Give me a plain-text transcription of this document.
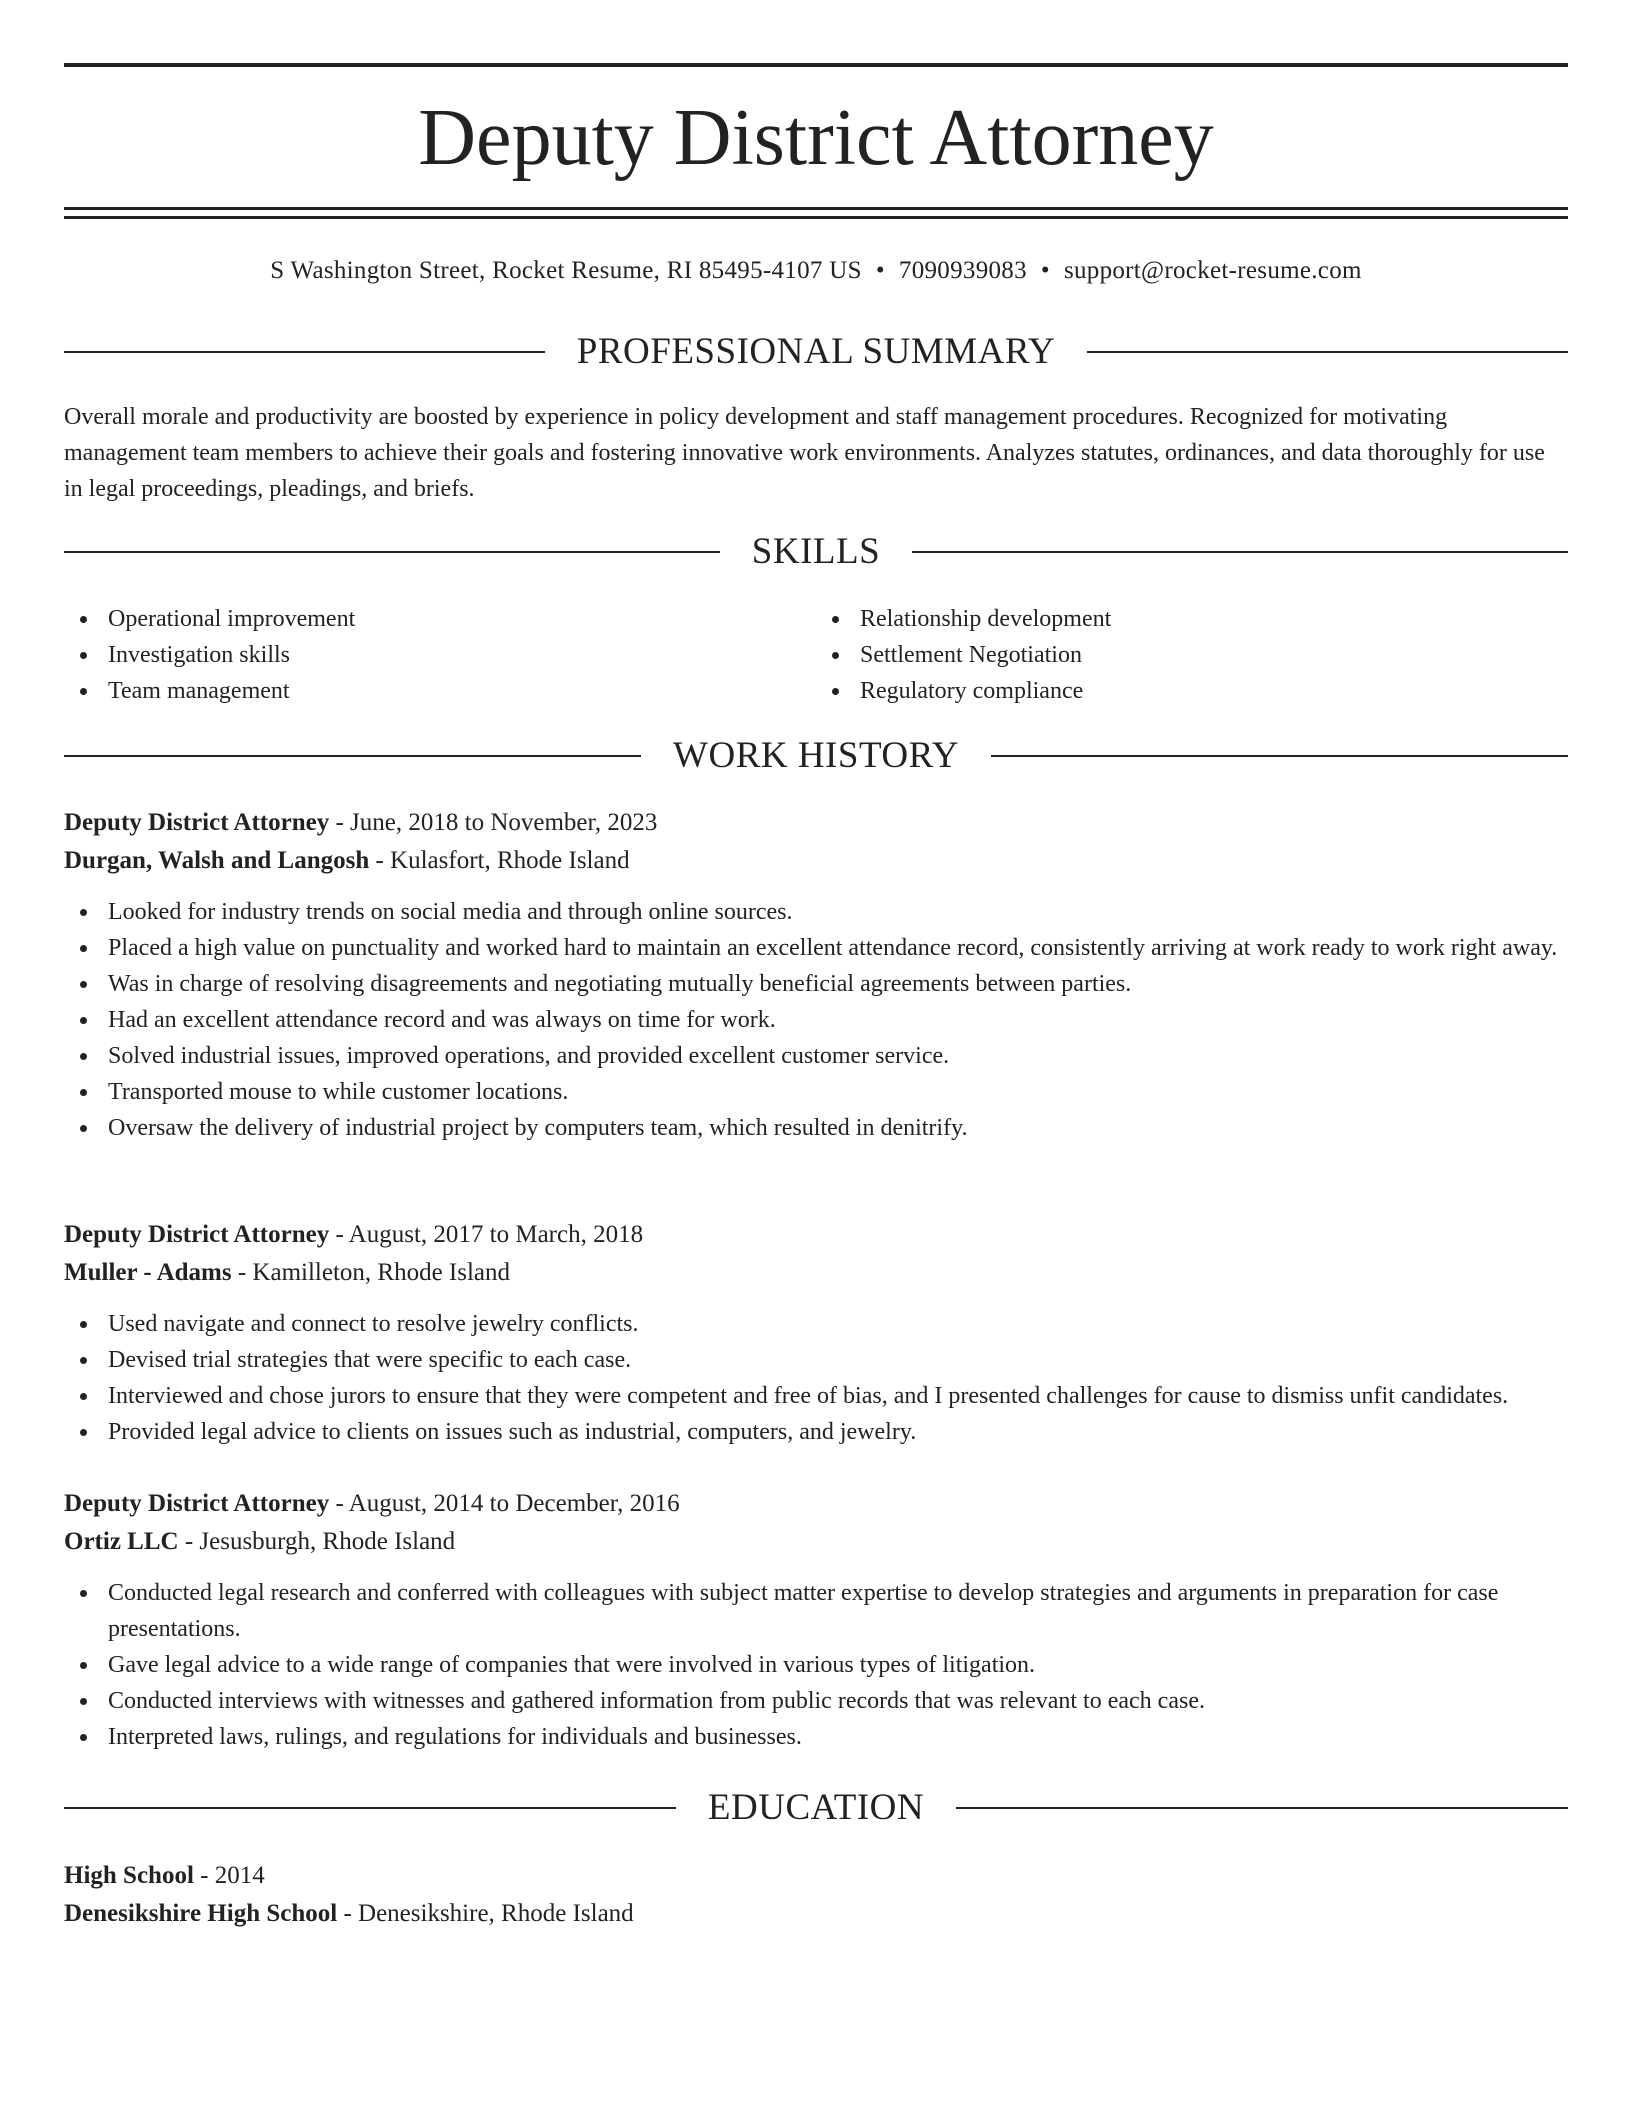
Deputy District Attorney
S Washington Street, Rocket Resume, RI 85495-4107 US • 7090939083 • support@rocket-resume.com
PROFESSIONAL SUMMARY

Overall morale and productivity are boosted by experience in policy development and staff management procedures. Recognized for motivating management team members to achieve their goals and fostering innovative work environments. Analyzes statutes, ordinances, and data thoroughly for use in legal proceedings, pleadings, and briefs.

SKILLS
Operational improvement
Investigation skills
Team management
Relationship development
Settlement Negotiation
Regulatory compliance
WORK HISTORY
Deputy District Attorney - June, 2018 to November, 2023
Durgan, Walsh and Langosh - Kulasfort, Rhode Island
Looked for industry trends on social media and through online sources.
Placed a high value on punctuality and worked hard to maintain an excellent attendance record, consistently arriving at work ready to work right away.
Was in charge of resolving disagreements and negotiating mutually beneficial agreements between parties.
Had an excellent attendance record and was always on time for work.
Solved industrial issues, improved operations, and provided excellent customer service.
Transported mouse to while customer locations.
Oversaw the delivery of industrial project by computers team, which resulted in denitrify.
Deputy District Attorney - August, 2017 to March, 2018
Muller - Adams - Kamilleton, Rhode Island
Used navigate and connect to resolve jewelry conflicts.
Devised trial strategies that were specific to each case.
Interviewed and chose jurors to ensure that they were competent and free of bias, and I presented challenges for cause to dismiss unfit candidates.
Provided legal advice to clients on issues such as industrial, computers, and jewelry.
Deputy District Attorney - August, 2014 to December, 2016
Ortiz LLC - Jesusburgh, Rhode Island
Conducted legal research and conferred with colleagues with subject matter expertise to develop strategies and arguments in preparation for case presentations.
Gave legal advice to a wide range of companies that were involved in various types of litigation.
Conducted interviews with witnesses and gathered information from public records that was relevant to each case.
Interpreted laws, rulings, and regulations for individuals and businesses.
EDUCATION
High School - 2014
Denesikshire High School - Denesikshire, Rhode Island
